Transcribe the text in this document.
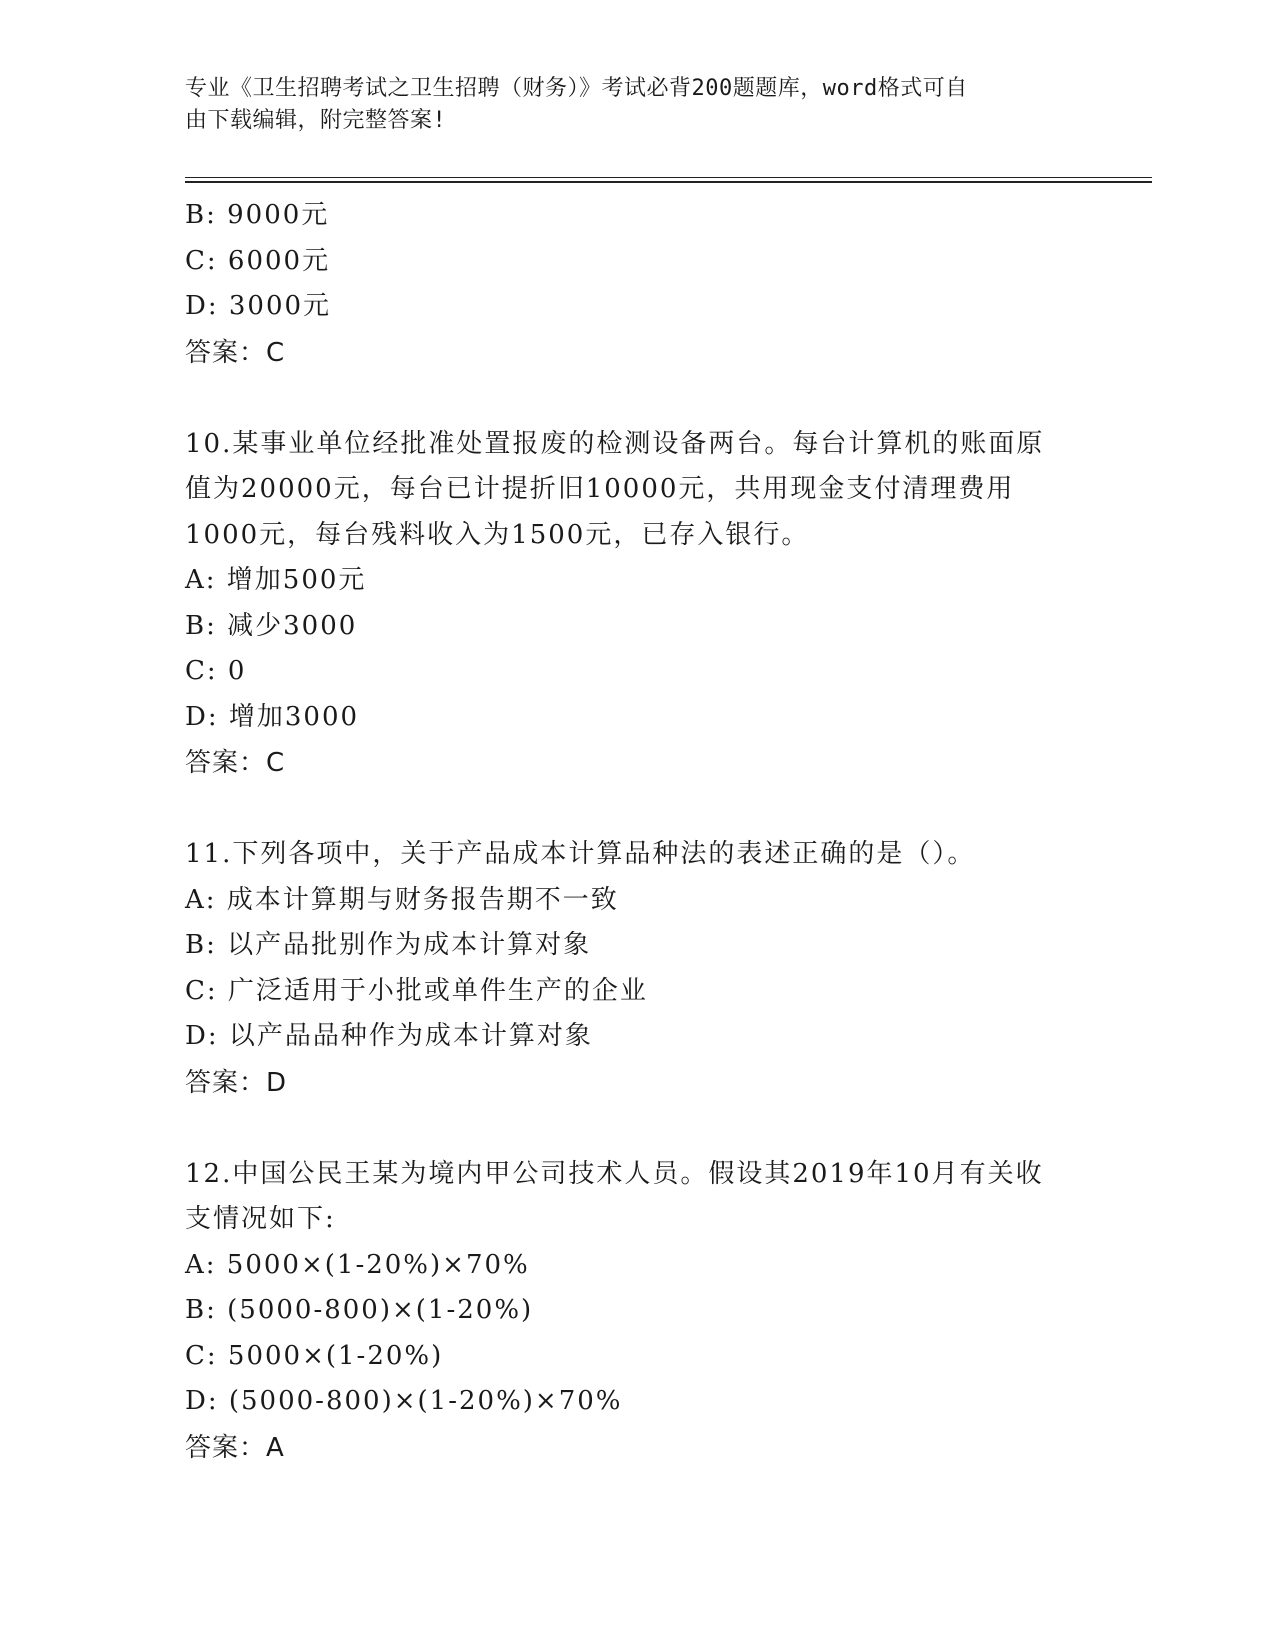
专业《卫生招聘考试之卫生招聘（财务）》考试必背200题题库，word格式可自
由下载编辑，附完整答案!
B: 9000元
C: 6000元
D: 3000元
答案：C
10.某事业单位经批准处置报废的检测设备两台。每台计算机的账面原
值为20000元，每台已计提折旧10000元，共用现金支付清理费用
1000元，每台残料收入为1500元，已存入银行。
A: 增加500元
B: 减少3000
C: 0
D: 增加3000
答案：C
11.下列各项中，关于产品成本计算品种法的表述正确的是（）。
A: 成本计算期与财务报告期不一致
B: 以产品批别作为成本计算对象
C: 广泛适用于小批或单件生产的企业
D: 以产品品种作为成本计算对象
答案：D
12.中国公民王某为境内甲公司技术人员。假设其2019年10月有关收
支情况如下:
A: 5000×(1-20%)×70%
B: (5000-800)×(1-20%)
C: 5000×(1-20%)
D: (5000-800)×(1-20%)×70%
答案：A
